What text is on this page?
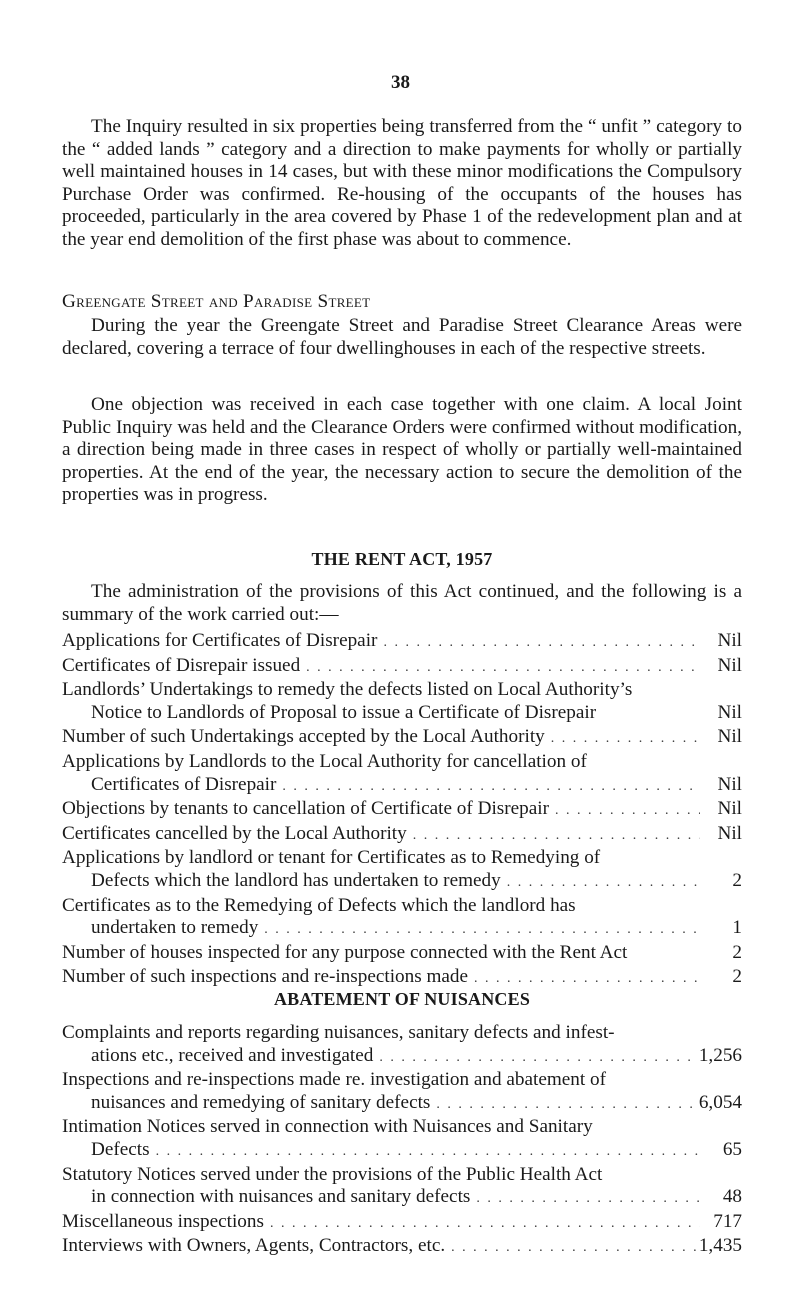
38

The Inquiry resulted in six properties being transferred from the “ unfit ” category to the “ added lands ” category and a direction to make payments for wholly or partially well maintained houses in 14 cases, but with these minor modifications the Compulsory Purchase Order was confirmed. Re-housing of the occupants of the houses has proceeded, particularly in the area covered by Phase 1 of the redevelopment plan and at the year end demolition of the first phase was about to commence.

Greengate Street and Paradise Street

During the year the Greengate Street and Paradise Street Clearance Areas were declared, covering a terrace of four dwellinghouses in each of the respective streets.

One objection was received in each case together with one claim. A local Joint Public Inquiry was held and the Clearance Orders were confirmed without modification, a direction being made in three cases in respect of wholly or partially well-maintained properties. At the end of the year, the necessary action to secure the demolition of the properties was in progress.

THE RENT ACT, 1957

The administration of the provisions of this Act continued, and the following is a summary of the work carried out:—

Applications for Certificates of Disrepair . . .	Nil
Certificates of Disrepair issued . . .	Nil
Landlords’ Undertakings to remedy the defects listed on Local Authority’s
Notice to Landlords of Proposal to issue a Certificate of Disrepair	Nil
Number of such Undertakings accepted by the Local Authority . . .	Nil
Applications by Landlords to the Local Authority for cancellation of
Certificates of Disrepair . . .	Nil
Objections by tenants to cancellation of Certificate of Disrepair . . .	Nil
Certificates cancelled by the Local Authority . . .	Nil
Applications by landlord or tenant for Certificates as to Remedying of
Defects which the landlord has undertaken to remedy . . .	2
Certificates as to the Remedying of Defects which the landlord has
undertaken to remedy . . .	1
Number of houses inspected for any purpose connected with the Rent Act	2
Number of such inspections and re-inspections made . . .	2
ABATEMENT OF NUISANCES
Complaints and reports regarding nuisances, sanitary defects and infest-
ations etc., received and investigated . . .	1,256
Inspections and re-inspections made re. investigation and abatement of
nuisances and remedying of sanitary defects . . .	6,054
Intimation Notices served in connection with Nuisances and Sanitary
Defects . . .	65
Statutory Notices served under the provisions of the Public Health Act
in connection with nuisances and sanitary defects . . .	48
Miscellaneous inspections . . .	717
Interviews with Owners, Agents, Contractors, etc. . . .	1,435
